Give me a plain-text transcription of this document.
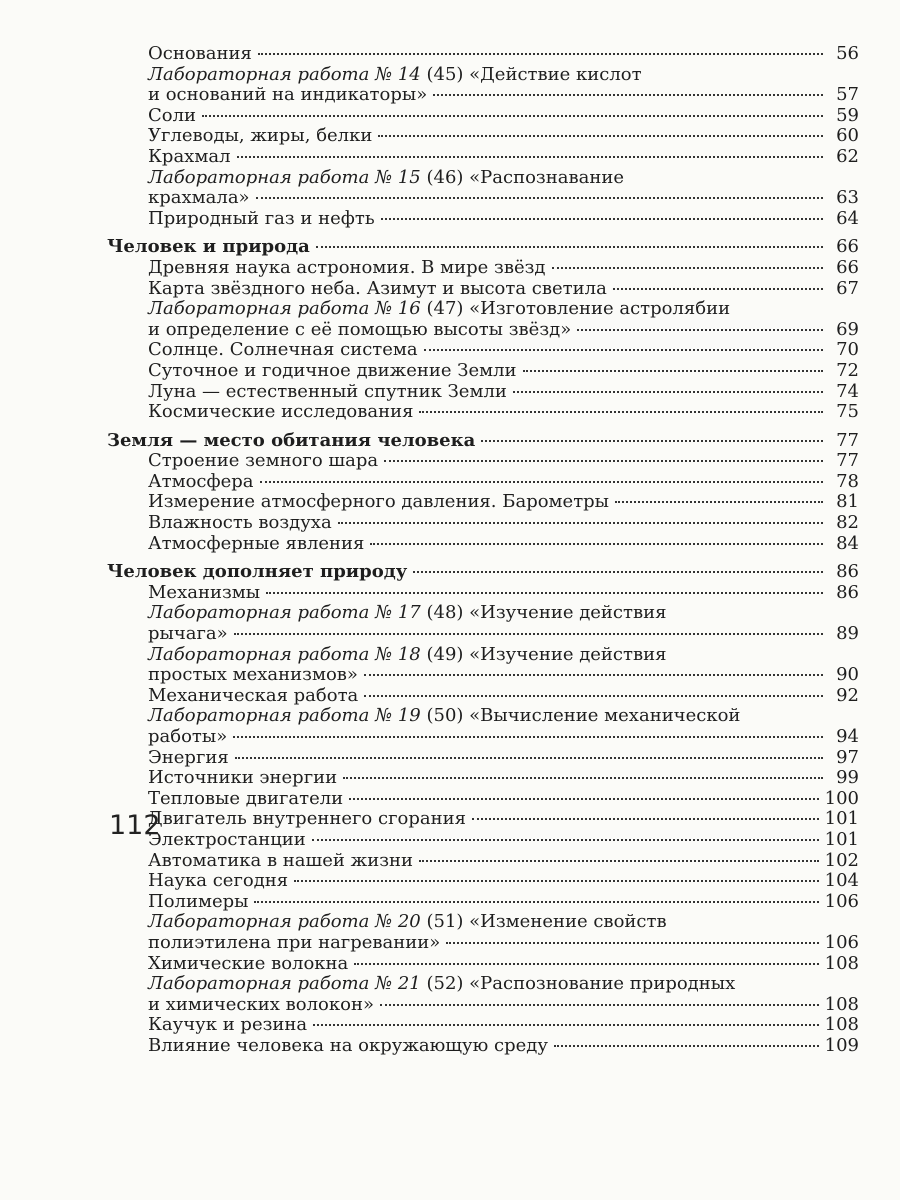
Основания	56
Лабораторная работа № 14 (45) «Действие кислот
и оснований на индикаторы»	57
Соли	59
Углеводы, жиры, белки	60
Крахмал	62
Лабораторная работа № 15 (46) «Распознавание
крахмала»	63
Природный газ и нефть	64
Человек и природа	66
Древняя наука астрономия. В мире звёзд	66
Карта звёздного неба. Азимут и высота светила	67
Лабораторная работа № 16 (47) «Изготовление астролябии
и определение с её помощью высоты звёзд»	69
Солнце. Солнечная система	70
Суточное и годичное движение Земли	72
Луна — естественный спутник Земли	74
Космические исследования	75
Земля — место обитания человека	77
Строение земного шара	77
Атмосфера	78
Измерение атмосферного давления. Барометры	81
Влажность воздуха	82
Атмосферные явления	84
Человек дополняет природу	86
Механизмы	86
Лабораторная работа № 17 (48) «Изучение действия
рычага»	89
Лабораторная работа № 18 (49) «Изучение действия
простых механизмов»	90
Механическая работа	92
Лабораторная работа № 19 (50) «Вычисление механической
работы»	94
Энергия	97
Источники энергии	99
Тепловые двигатели	100
Двигатель внутреннего сгорания	101
Электростанции	101
Автоматика в нашей жизни	102
Наука сегодня	104
Полимеры	106
Лабораторная работа № 20 (51) «Изменение свойств
полиэтилена при нагревании»	106
Химические волокна	108
Лабораторная работа № 21 (52) «Распознование природных
и химических волокон»	108
Каучук и резина	108
Влияние человека на окружающую среду	109
112
